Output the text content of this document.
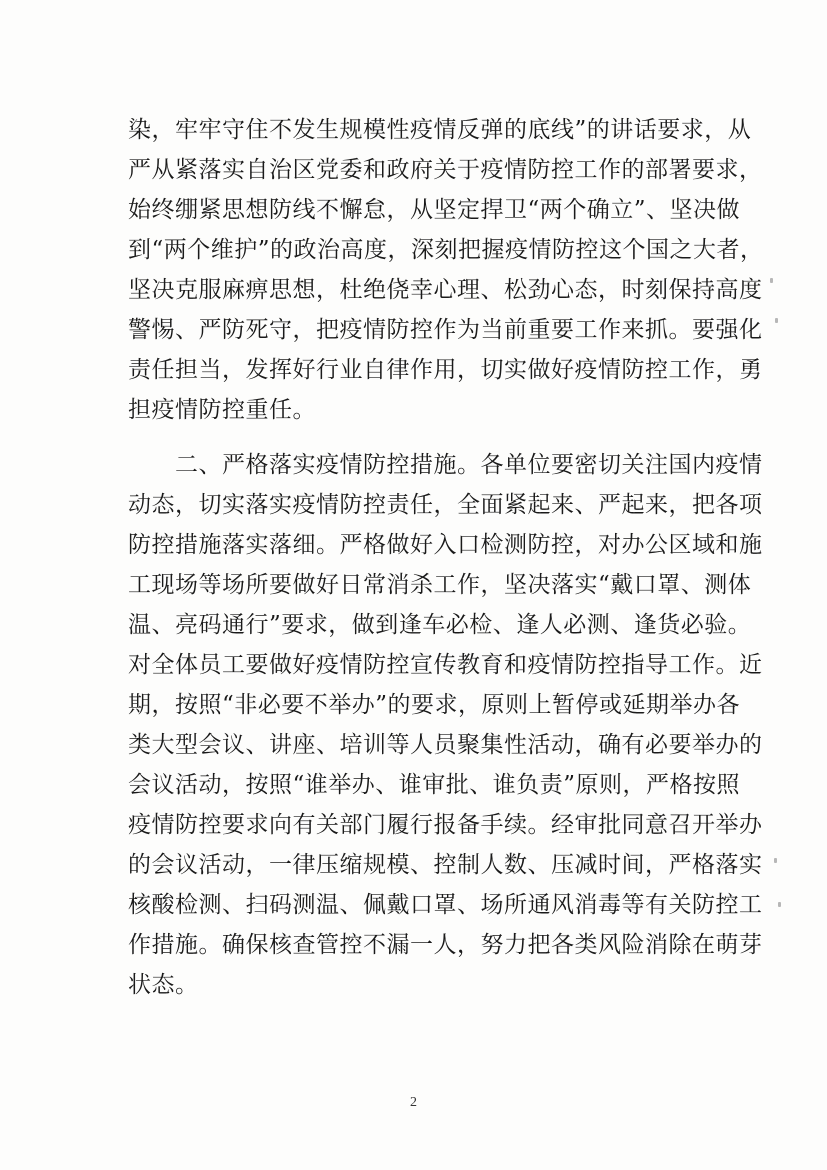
染，牢牢守住不发生规模性疫情反弹的底线”的讲话要求，从
严从紧落实自治区党委和政府关于疫情防控工作的部署要求，
始终绷紧思想防线不懈怠，从坚定捍卫“两个确立”、坚决做
到“两个维护”的政治高度，深刻把握疫情防控这个国之大者，
坚决克服麻痹思想，杜绝侥幸心理、松劲心态，时刻保持高度
警惕、严防死守，把疫情防控作为当前重要工作来抓。要强化
责任担当，发挥好行业自律作用，切实做好疫情防控工作，勇
担疫情防控重任。
　　二、严格落实疫情防控措施。各单位要密切关注国内疫情
动态，切实落实疫情防控责任，全面紧起来、严起来，把各项
防控措施落实落细。严格做好入口检测防控，对办公区域和施
工现场等场所要做好日常消杀工作，坚决落实“戴口罩、测体
温、亮码通行”要求，做到逢车必检、逢人必测、逢货必验。
对全体员工要做好疫情防控宣传教育和疫情防控指导工作。近
期，按照“非必要不举办”的要求，原则上暂停或延期举办各
类大型会议、讲座、培训等人员聚集性活动，确有必要举办的
会议活动，按照“谁举办、谁审批、谁负责”原则，严格按照
疫情防控要求向有关部门履行报备手续。经审批同意召开举办
的会议活动，一律压缩规模、控制人数、压减时间，严格落实
核酸检测、扫码测温、佩戴口罩、场所通风消毒等有关防控工
作措施。确保核查管控不漏一人，努力把各类风险消除在萌芽
状态。
2
